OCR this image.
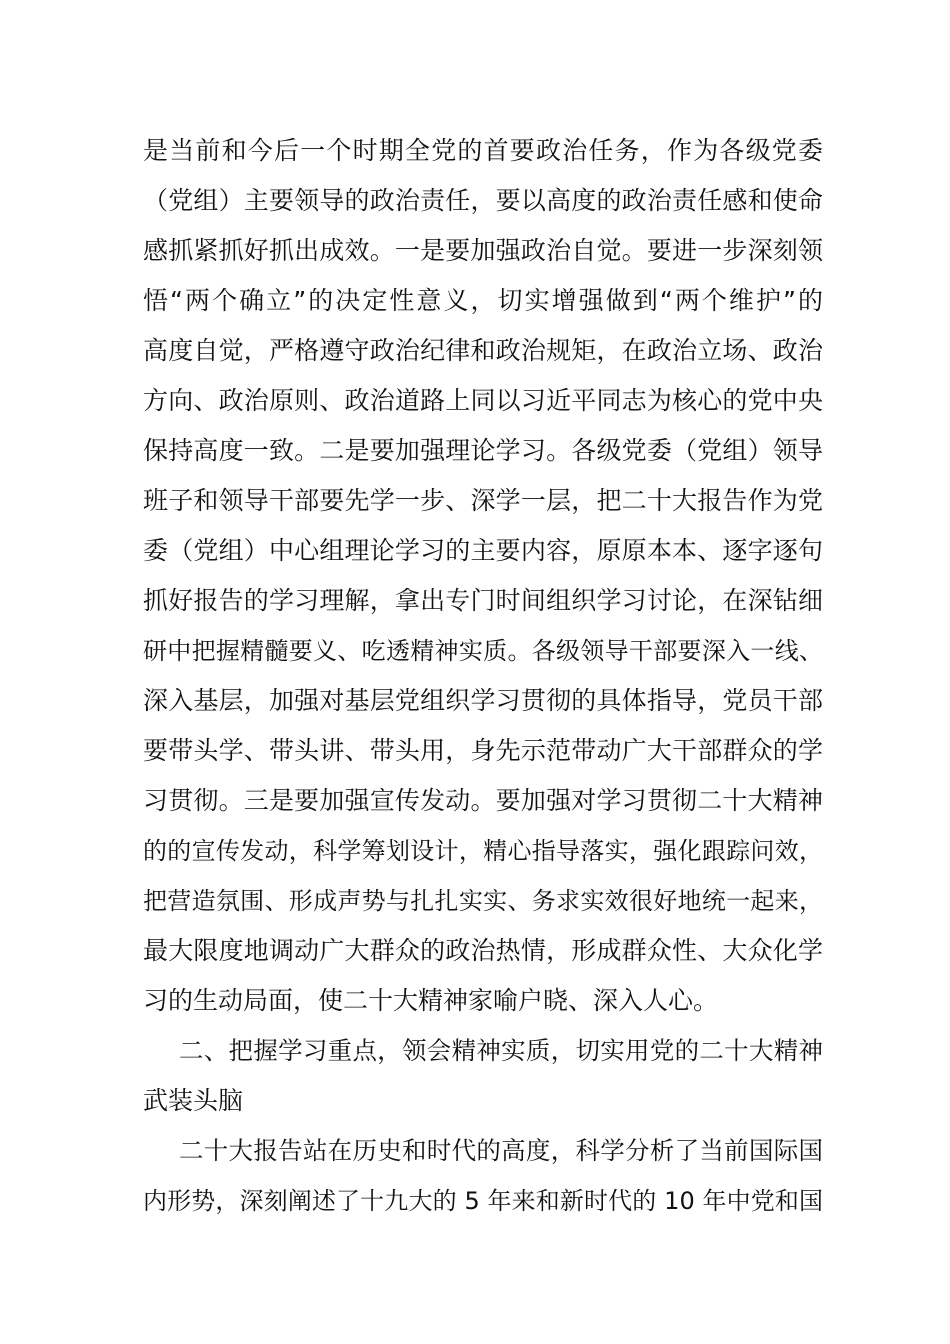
是当前和今后一个时期全党的首要政治任务，作为各级党委
（党组）主要领导的政治责任，要以高度的政治责任感和使命
感抓紧抓好抓出成效。一是要加强政治自觉。要进一步深刻领
悟“两个确立”的决定性意义，切实增强做到“两个维护”的
高度自觉，严格遵守政治纪律和政治规矩，在政治立场、政治
方向、政治原则、政治道路上同以习近平同志为核心的党中央
保持高度一致。二是要加强理论学习。各级党委（党组）领导
班子和领导干部要先学一步、深学一层，把二十大报告作为党
委（党组）中心组理论学习的主要内容，原原本本、逐字逐句
抓好报告的学习理解，拿出专门时间组织学习讨论，在深钻细
研中把握精髓要义、吃透精神实质。各级领导干部要深入一线、
深入基层，加强对基层党组织学习贯彻的具体指导，党员干部
要带头学、带头讲、带头用，身先示范带动广大干部群众的学
习贯彻。三是要加强宣传发动。要加强对学习贯彻二十大精神
的的宣传发动，科学筹划设计，精心指导落实，强化跟踪问效，
把营造氛围、形成声势与扎扎实实、务求实效很好地统一起来，
最大限度地调动广大群众的政治热情，形成群众性、大众化学
习的生动局面，使二十大精神家喻户晓、深入人心。
二、把握学习重点，领会精神实质，切实用党的二十大精神
武装头脑
二十大报告站在历史和时代的高度，科学分析了当前国际国
内形势，深刻阐述了十九大的 5 年来和新时代的 10 年中党和国
